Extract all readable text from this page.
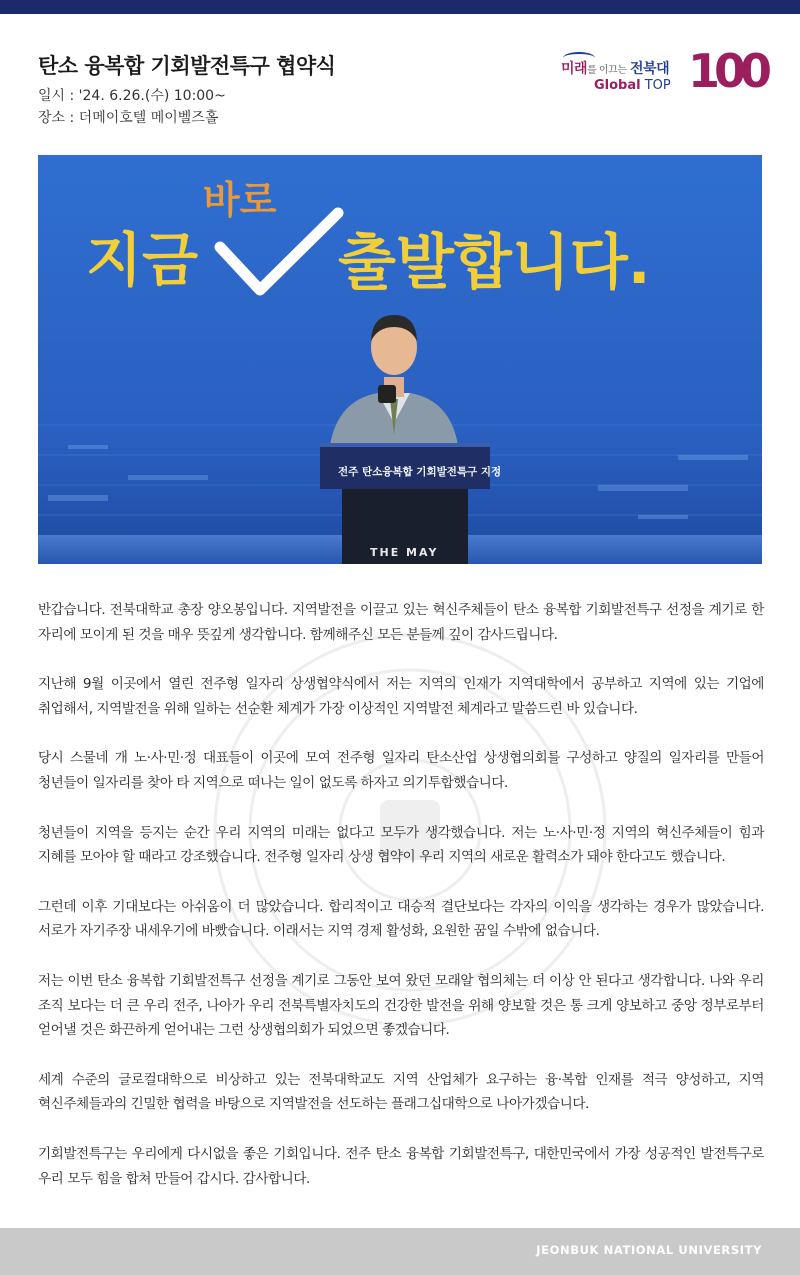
탄소 융복합 기회발전특구 협약식
일시 : '24. 6.26.(수) 10:00~
장소 : 더메이호텔 메이벨즈홀
미래를 이끄는 전북대
Global TOP 100
지금
바로
출발합니다.
전주 탄소융복합 기회발전특구 지정
THE MAY

반갑습니다. 전북대학교 총장 양오봉입니다. 지역발전을 이끌고 있는 혁신주체들이 탄소 융복합 기회발전특구 선정을 계기로 한 자리에 모이게 된 것을 매우 뜻깊게 생각합니다. 함께해주신 모든 분들께 깊이 감사드립니다.

지난해 9월 이곳에서 열린 전주형 일자리 상생협약식에서 저는 지역의 인재가 지역대학에서 공부하고 지역에 있는 기업에 취업해서, 지역발전을 위해 일하는 선순환 체계가 가장 이상적인 지역발전 체계라고 말씀드린 바 있습니다.

당시 스물네 개 노·사·민·정 대표들이 이곳에 모여 전주형 일자리 탄소산업 상생협의회를 구성하고 양질의 일자리를 만들어 청년들이 일자리를 찾아 타 지역으로 떠나는 일이 없도록 하자고 의기투합했습니다.

청년들이 지역을 등지는 순간 우리 지역의 미래는 없다고 모두가 생각했습니다. 저는 노·사·민·정 지역의 혁신주체들이 힘과 지혜를 모아야 할 때라고 강조했습니다. 전주형 일자리 상생 협약이 우리 지역의 새로운 활력소가 돼야 한다고도 했습니다.

그런데 이후 기대보다는 아쉬움이 더 많았습니다. 합리적이고 대승적 결단보다는 각자의 이익을 생각하는 경우가 많았습니다. 서로가 자기주장 내세우기에 바빴습니다. 이래서는 지역 경제 활성화, 요원한 꿈일 수밖에 없습니다.

저는 이번 탄소 융복합 기회발전특구 선정을 계기로 그동안 보여 왔던 모래알 협의체는 더 이상 안 된다고 생각합니다. 나와 우리 조직 보다는 더 큰 우리 전주, 나아가 우리 전북특별자치도의 건강한 발전을 위해 양보할 것은 통 크게 양보하고 중앙 정부로부터 얻어낼 것은 화끈하게 얻어내는 그런 상생협의회가 되었으면 좋겠습니다.

세계 수준의 글로컬대학으로 비상하고 있는 전북대학교도 지역 산업체가 요구하는 융·복합 인재를 적극 양성하고, 지역 혁신주체들과의 긴밀한 협력을 바탕으로 지역발전을 선도하는 플래그십대학으로 나아가겠습니다.

기회발전특구는 우리에게 다시없을 좋은 기회입니다. 전주 탄소 융복합 기회발전특구, 대한민국에서 가장 성공적인 발전특구로 우리 모두 힘을 합쳐 만들어 갑시다. 감사합니다.

JEONBUK NATIONAL UNIVERSITY
